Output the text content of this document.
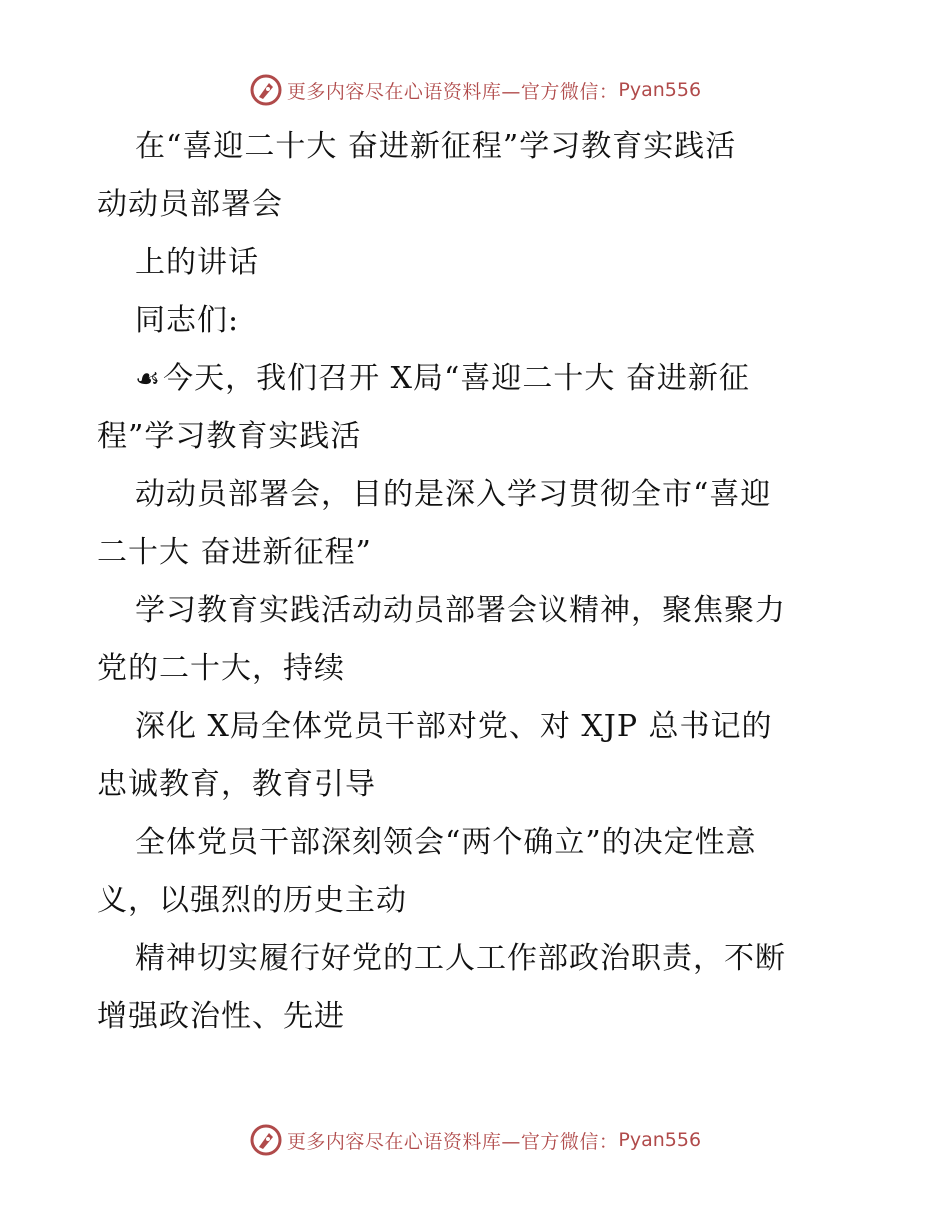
更多内容尽在心语资料库—官方微信： Pyan556
在“喜迎二十大 奋进新征程”学习教育实践活
动动员部署会
上的讲话
同志们:
☙今天，我们召开 X局“喜迎二十大 奋进新征
程”学习教育实践活
动动员部署会，目的是深入学习贯彻全市“喜迎
二十大 奋进新征程”
学习教育实践活动动员部署会议精神，聚焦聚力
党的二十大，持续
深化 X局全体党员干部对党、对 XJP 总书记的
忠诚教育，教育引导
全体党员干部深刻领会“两个确立”的决定性意
义，以强烈的历史主动
精神切实履行好党的工人工作部政治职责，不断
增强政治性、先进
更多内容尽在心语资料库—官方微信： Pyan556
